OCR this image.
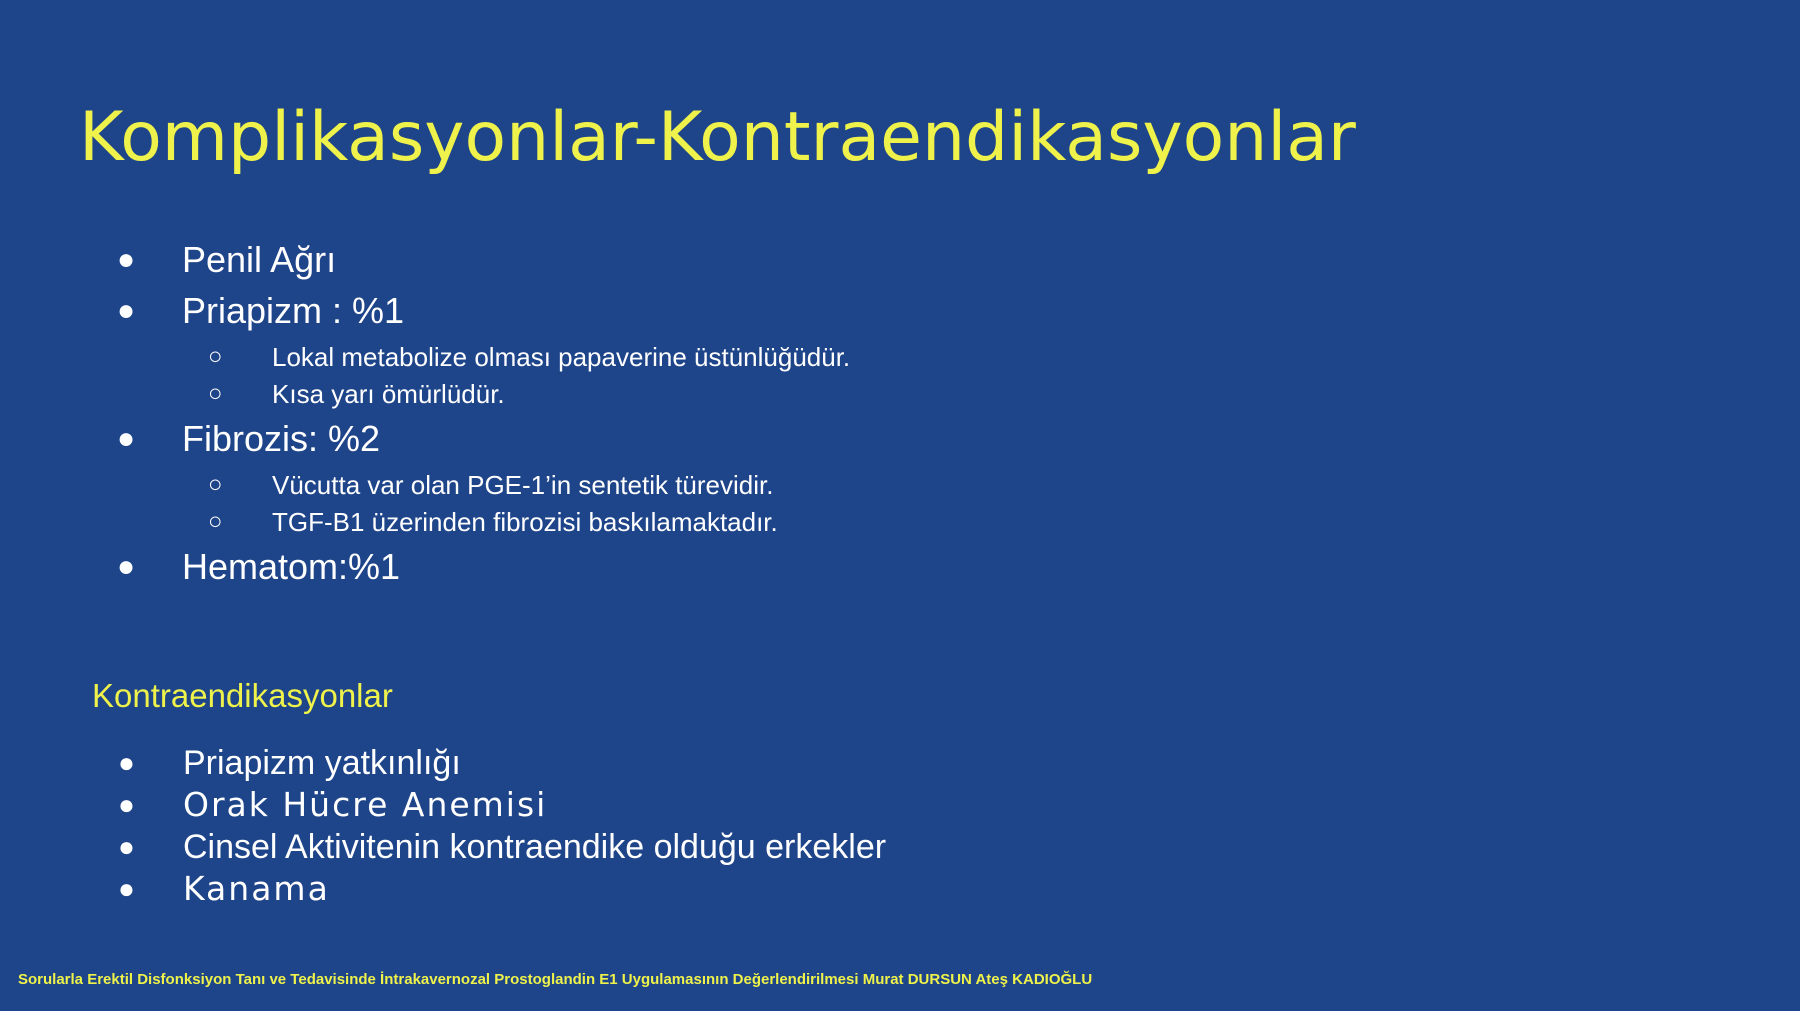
Komplikasyonlar-Kontraendikasyonlar
● Penil Ağrı
● Priapizm : %1
○ Lokal metabolize olması papaverine üstünlüğüdür.
○ Kısa yarı ömürlüdür.
● Fibrozis: %2
○ Vücutta var olan PGE-1’in sentetik türevidir.
○ TGF-B1 üzerinden fibrozisi baskılamaktadır.
● Hematom:%1
Kontraendikasyonlar
● Priapizm yatkınlığı
● Orak Hücre Anemisi
● Cinsel Aktivitenin kontraendike olduğu erkekler
● Kanama
Sorularla Erektil Disfonksiyon Tanı ve Tedavisinde İntrakavernozal Prostoglandin E1 Uygulamasının Değerlendirilmesi Murat DURSUN Ateş KADIOĞLU
